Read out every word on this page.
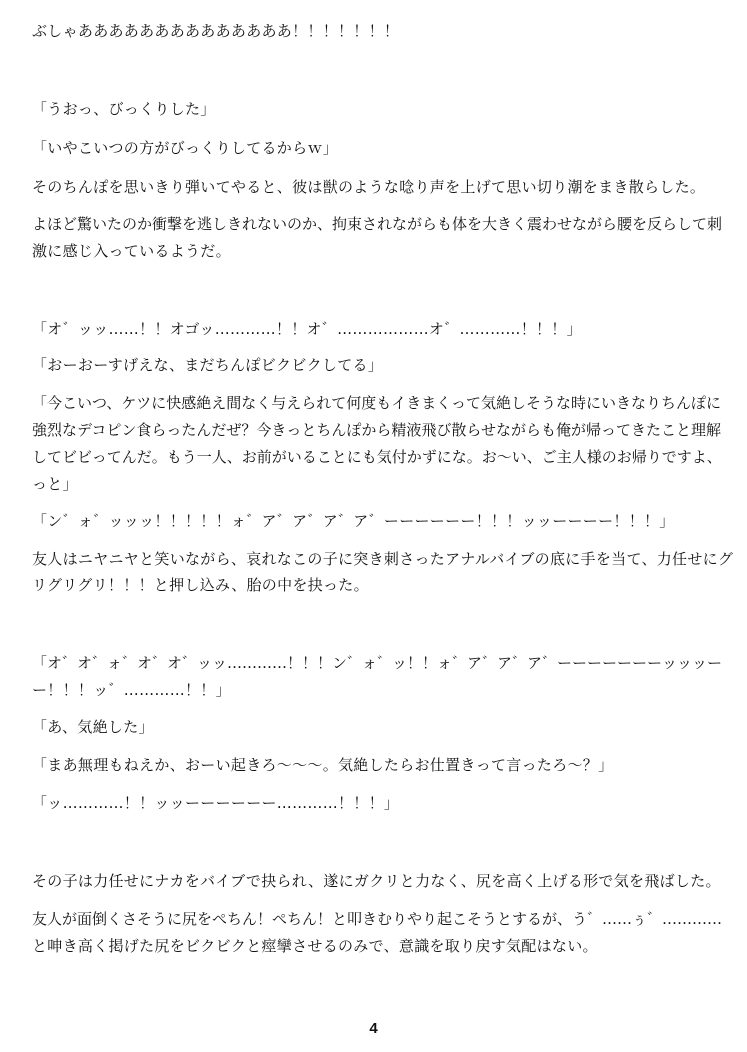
ぶしゃああああああああああああああ！！！！！！！
「うおっ、びっくりした」
「いやこいつの方がびっくりしてるからｗ」
そのちんぽを思いきり弾いてやると、彼は獣のような唸り声を上げて思い切り潮をまき散らした。
よほど驚いたのか衝撃を逃しきれないのか、拘束されながらも体を大きく震わせながら腰を反らして刺
激に感じ入っているようだ。
「オ゛ッッ……！！オゴッ…………！！オ゛………………オ゛…………！！！」
「おーおーすげえな、まだちんぽビクビクしてる」
「今こいつ、ケツに快感絶え間なく与えられて何度もイきまくって気絶しそうな時にいきなりちんぽに
強烈なデコピン食らったんだぜ？今きっとちんぽから精液飛び散らせながらも俺が帰ってきたこと理解
してビビってんだ。もう一人、お前がいることにも気付かずにな。お～い、ご主人様のお帰りですよ、
っと」
「ン゛ォ゛ッッッ！！！！！ォ゛ア゛ア゛ア゛ア゛ーーーーーー！！！ッッーーーー！！！」
友人はニヤニヤと笑いながら、哀れなこの子に突き刺さったアナルバイブの底に手を当て、力任せにグ
リグリグリ！！！と押し込み、胎の中を抉った。
「オ゛オ゛ォ゛オ゛オ゛ッッ…………！！！ン゛ォ゛ッ！！ォ゛ア゛ア゛ア゛ーーーーーーーッッッー
ー！！！ッ゛…………！！」
「あ、気絶した」
「まあ無理もねえか、おーい起きろ～～～。気絶したらお仕置きって言ったろ～？」
「ッ…………！！ッッーーーーーー…………！！！」
その子は力任せにナカをバイブで抉られ、遂にガクリと力なく、尻を高く上げる形で気を飛ばした。
友人が面倒くさそうに尻をぺちん！ぺちん！と叩きむりやり起こそうとするが、う゛……ぅ゛…………
と呻き高く掲げた尻をビクビクと痙攣させるのみで、意識を取り戻す気配はない。
4
